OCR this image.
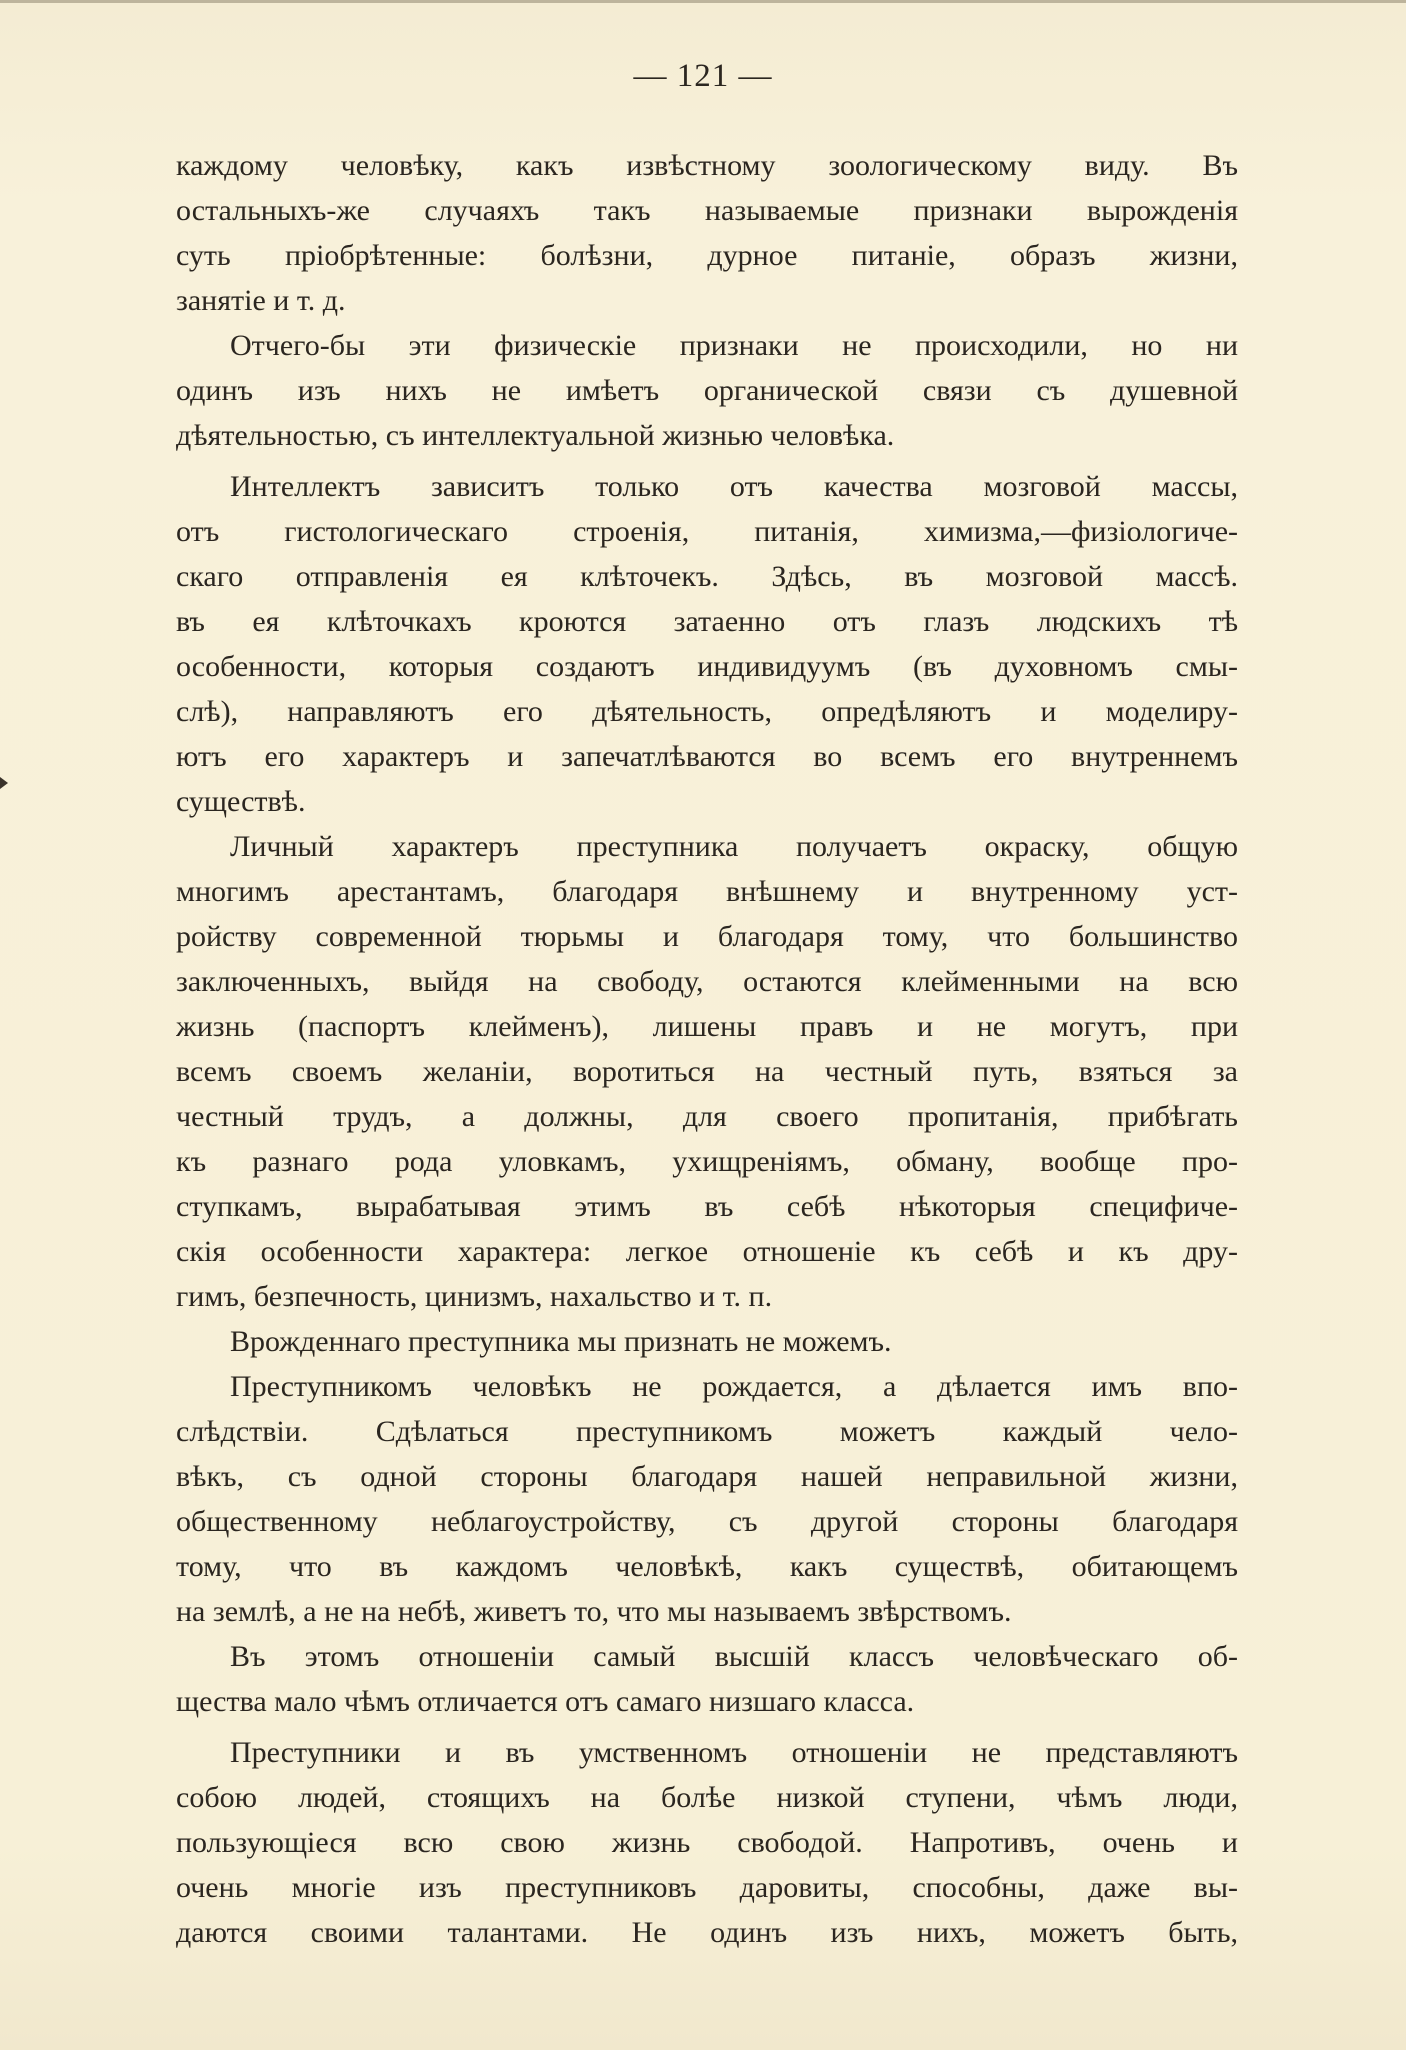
— 121 —
каждому человѣку, какъ извѣстному зоологическому виду. Въ
остальныхъ-же случаяхъ такъ называемые признаки вырожденія
суть пріобрѣтенные: болѣзни, дурное питаніе, образъ жизни,
занятіе и т. д.
Отчего-бы эти физическіе признаки не происходили, но ни
одинъ изъ нихъ не имѣетъ органической связи съ душевной
дѣятельностью, съ интеллектуальной жизнью человѣка.
Интеллектъ зависитъ только отъ качества мозговой массы,
отъ гистологическаго строенія, питанія, химизма,—физіологиче-
скаго отправленія ея клѣточекъ. Здѣсь, въ мозговой массѣ.
въ ея клѣточкахъ кроются затаенно отъ глазъ людскихъ тѣ
особенности, которыя создаютъ индивидуумъ (въ духовномъ смы-
слѣ), направляютъ его дѣятельность, опредѣляютъ и моделиру-
ютъ его характеръ и запечатлѣваются во всемъ его внутреннемъ
существѣ.
Личный характеръ преступника получаетъ окраску, общую
многимъ арестантамъ, благодаря внѣшнему и внутренному уст-
ройству современной тюрьмы и благодаря тому, что большинство
заключенныхъ, выйдя на свободу, остаются клейменными на всю
жизнь (паспортъ клейменъ), лишены правъ и не могутъ, при
всемъ своемъ желаніи, воротиться на честный путь, взяться за
честный трудъ, а должны, для своего пропитанія, прибѣгать
къ разнаго рода уловкамъ, ухищреніямъ, обману, вообще про-
ступкамъ, вырабатывая этимъ въ себѣ нѣкоторыя специфиче-
скія особенности характера: легкое отношеніе къ себѣ и къ дру-
гимъ, безпечность, цинизмъ, нахальство и т. п.
Врожденнаго преступника мы признать не можемъ.
Преступникомъ человѣкъ не рождается, а дѣлается имъ впо-
слѣдствіи. Сдѣлаться преступникомъ можетъ каждый чело-
вѣкъ, съ одной стороны благодаря нашей неправильной жизни,
общественному неблагоустройству, съ другой стороны благодаря
тому, что въ каждомъ человѣкѣ, какъ существѣ, обитающемъ
на землѣ, а не на небѣ, живетъ то, что мы называемъ звѣрствомъ.
Въ этомъ отношеніи самый высшій классъ человѣческаго об-
щества мало чѣмъ отличается отъ самаго низшаго класса.
Преступники и въ умственномъ отношеніи не представляютъ
собою людей, стоящихъ на болѣе низкой ступени, чѣмъ люди,
пользующіеся всю свою жизнь свободой. Напротивъ, очень и
очень многіе изъ преступниковъ даровиты, способны, даже вы-
даются своими талантами. Не одинъ изъ нихъ, можетъ быть,
